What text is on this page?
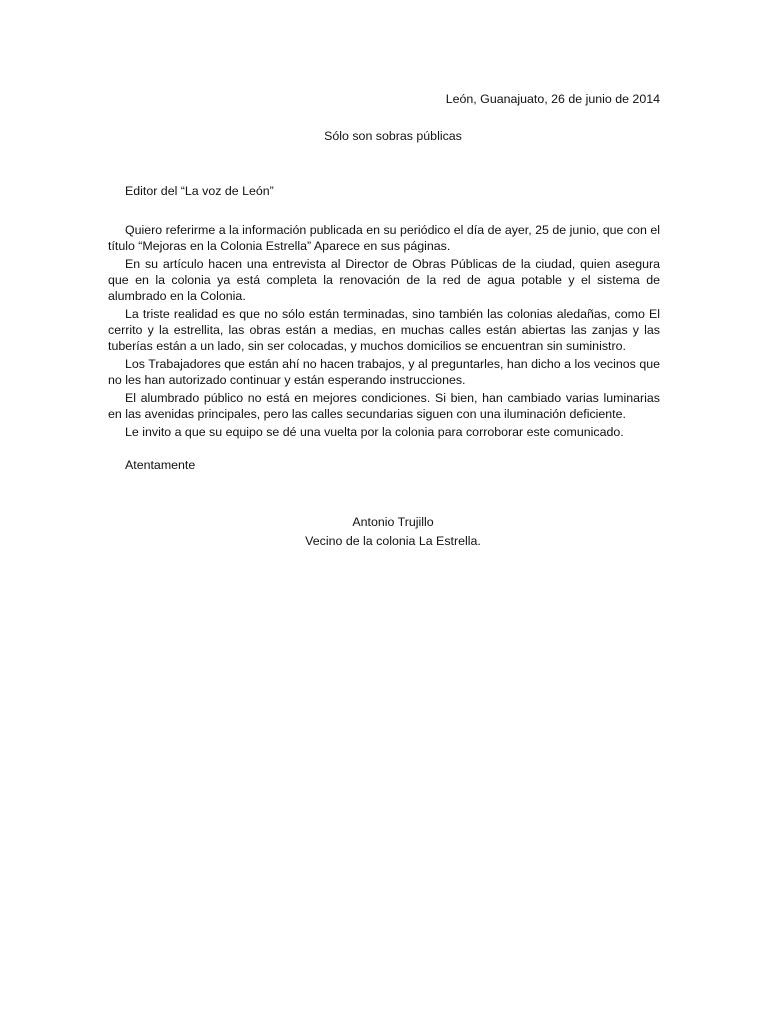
León, Guanajuato, 26 de junio de 2014
Sólo son sobras públicas
Editor del “La voz de León”

Quiero referirme a la información publicada en su periódico el día de ayer, 25 de junio, que con el título “Mejoras en la Colonia Estrella” Aparece en sus páginas.

En su artículo hacen una entrevista al Director de Obras Públicas de la ciudad, quien asegura que en la colonia ya está completa la renovación de la red de agua potable y el sistema de alumbrado en la Colonia.

La triste realidad es que no sólo están terminadas, sino también las colonias aledañas, como El cerrito y la estrellita, las obras están a medias, en muchas calles están abiertas las zanjas y las tuberías están a un lado, sin ser colocadas, y muchos domicilios se encuentran sin suministro.

Los Trabajadores que están ahí no hacen trabajos, y al preguntarles, han dicho a los vecinos que no les han autorizado continuar y están esperando instrucciones.

El alumbrado público no está en mejores condiciones. Si bien, han cambiado varias luminarias en las avenidas principales, pero las calles secundarias siguen con una iluminación deficiente.

Le invito a que su equipo se dé una vuelta por la colonia para corroborar este comunicado.

Atentamente
Antonio Trujillo
Vecino de la colonia La Estrella.
